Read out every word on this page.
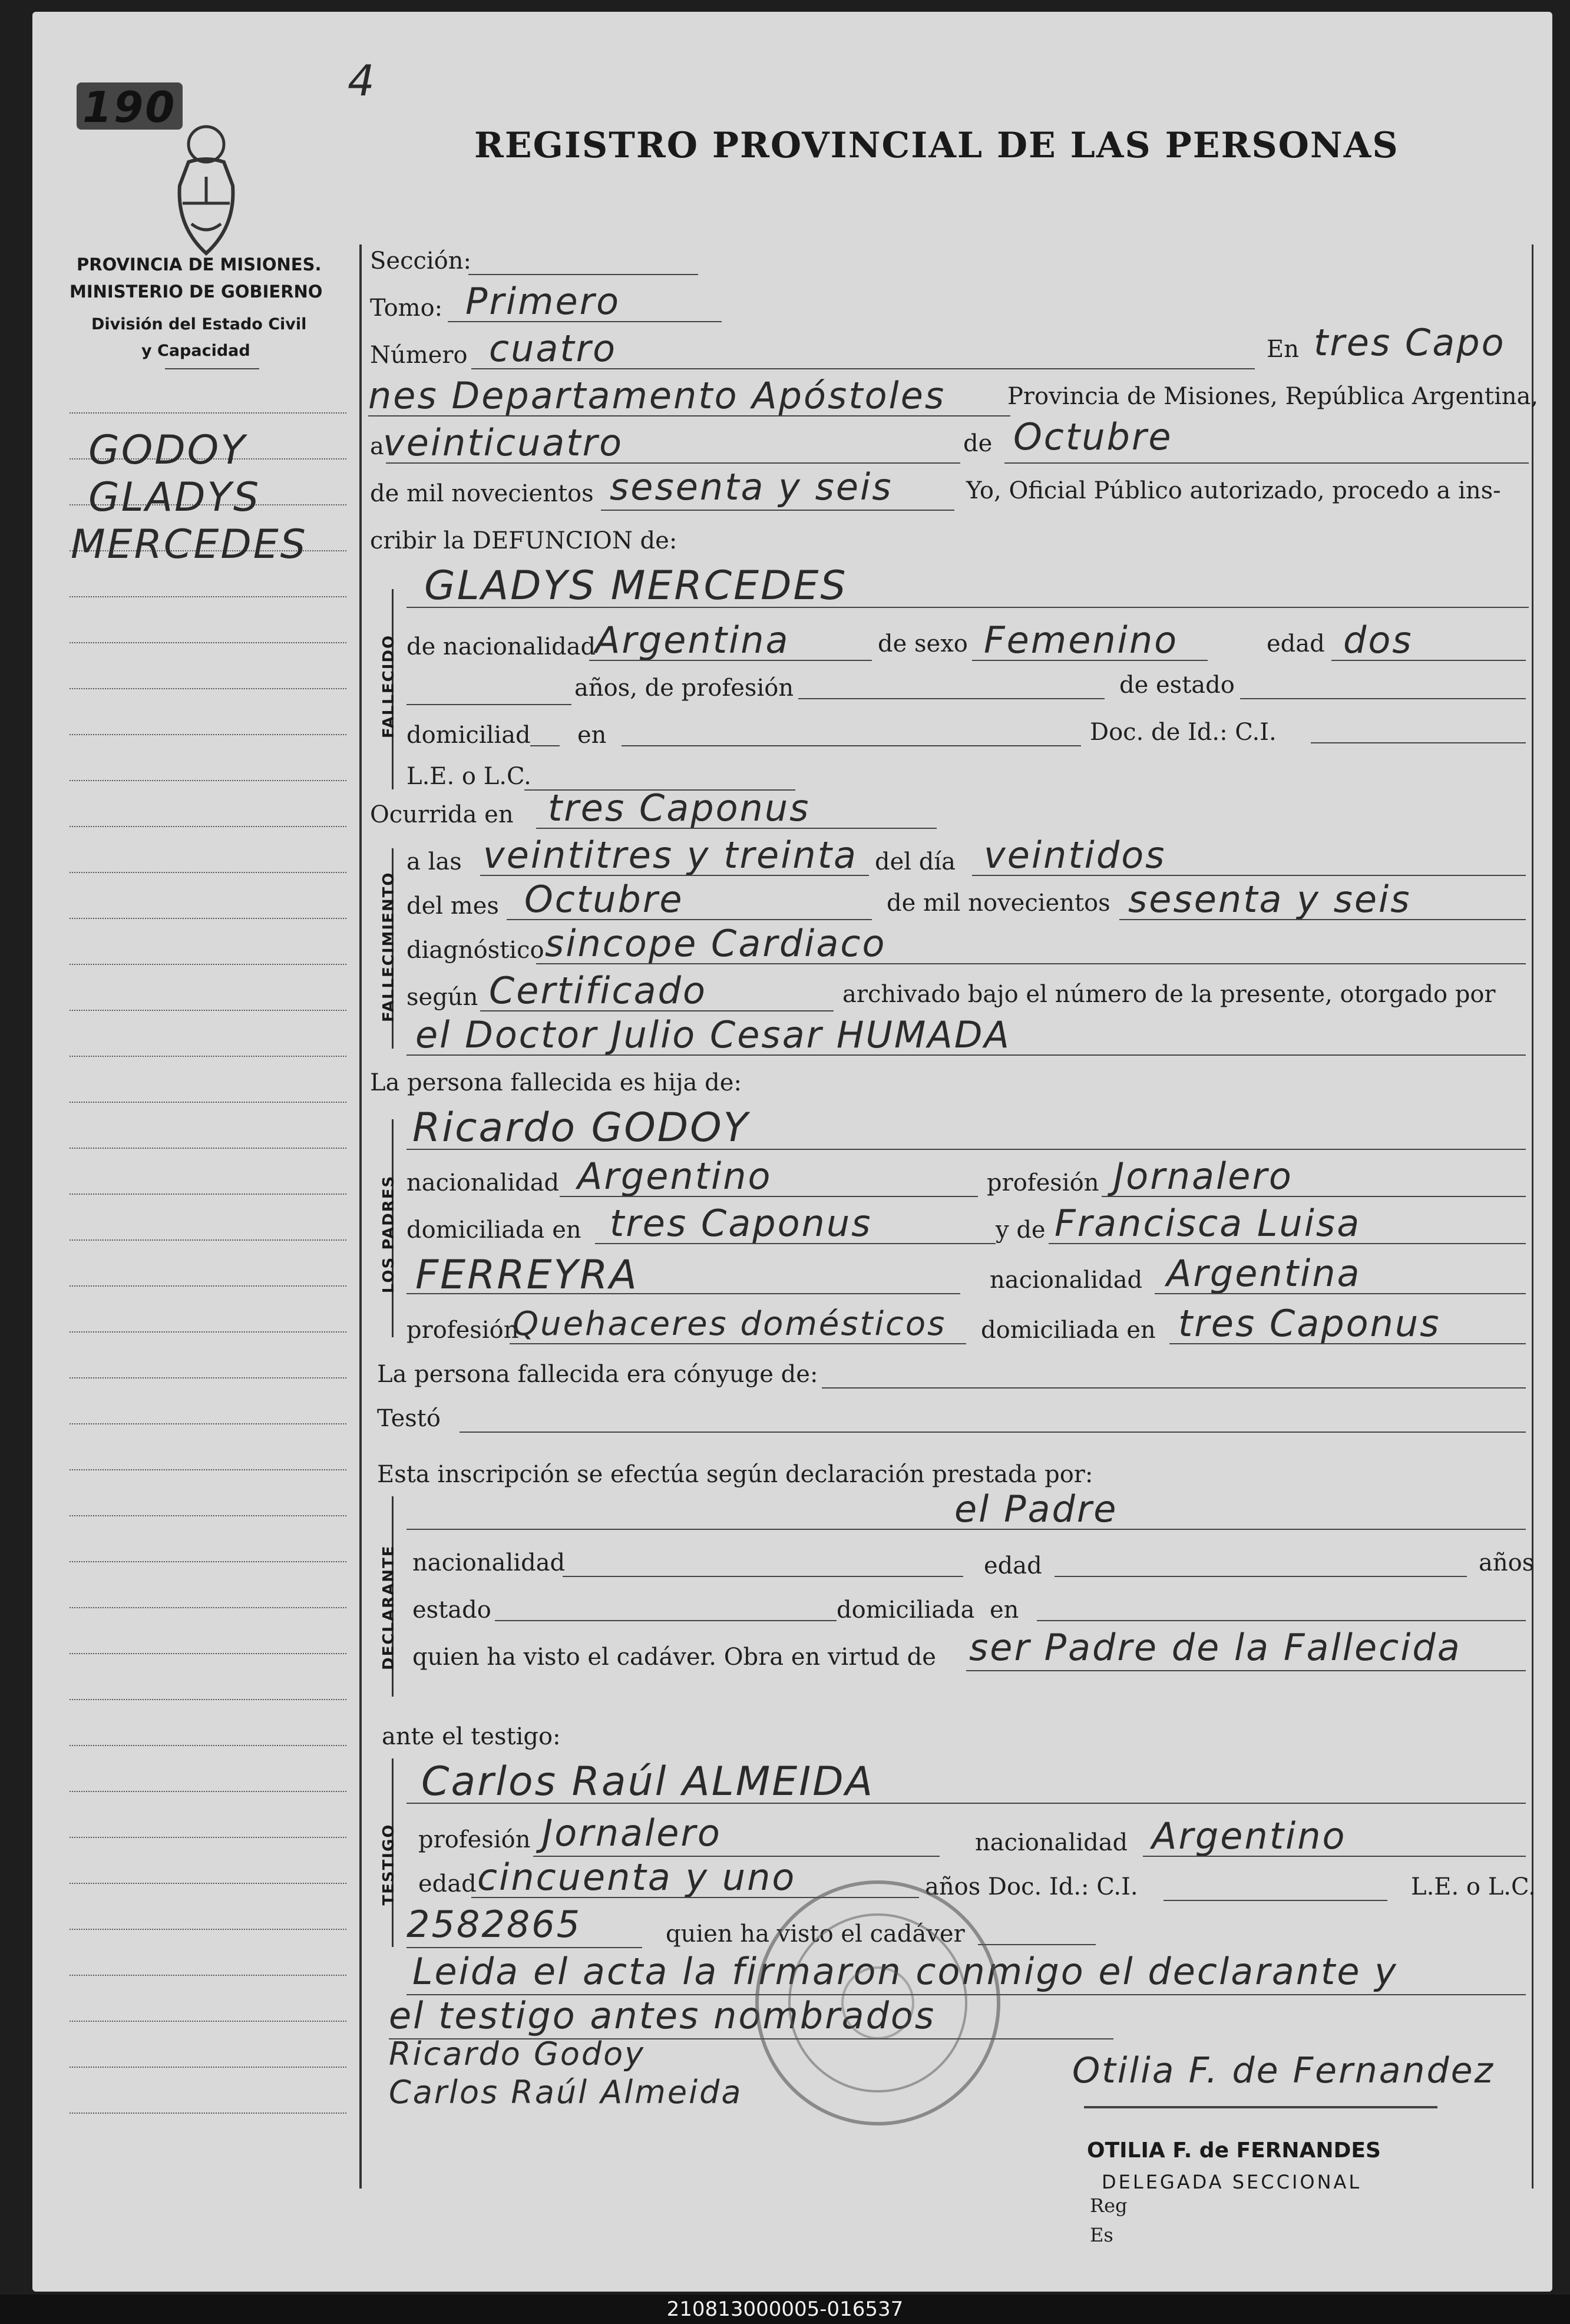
190
4
REGISTRO PROVINCIAL DE LAS PERSONAS
PROVINCIA DE MISIONES.
MINISTERIO DE GOBIERNO
División del Estado Civil
y Capacidad
GODOY
GLADYS
MERCEDES
FALLECIDO
FALLECIMIENTO
LOS PADRES
DECLARANTE
TESTIGO
Sección:
Tomo: Primero
Número cuatro	En tres Capo
nes Departamento Apóstoles	Provincia de Misiones, República Argentina,
a
veinticuatro	de Octubre
de mil novecientos sesenta y seis	Yo, Oficial Público autorizado, procedo a ins-
cribir la DEFUNCION de:
GLADYS MERCEDES
de nacionalidad
Argentina	de sexo Femenino	edad dos
años, de profesión	de estado
domiciliad en	Doc. de Id.: C.I.
L.E. o L.C.
Ocurrida en tres Caponus
a las veintitres y treinta del día veintidos
del mes Octubre	de mil novecientos sesenta y seis
diagnóstico sincope Cardiaco
según Certificado	archivado bajo el número de la presente, otorgado por
el Doctor Julio Cesar HUMADA
La persona fallecida es hija de:
Ricardo GODOY
nacionalidad Argentino	profesión Jornalero
domiciliada en tres Caponus	y de Francisca Luisa
FERREYRA	nacionalidad Argentina
profesión
Quehaceres domésticos domiciliada en tres Caponus
La persona fallecida era cónyuge de:
Testó
Esta inscripción se efectúa según declaración prestada por:
el Padre
nacionalidad	edad	años
estado	domiciliada en
quien ha visto el cadáver. Obra en virtud de ser Padre de la Fallecida
ante el testigo:
Carlos Raúl ALMEIDA
profesión Jornalero	nacionalidad Argentino
edad cincuenta y uno	años Doc. Id.: C.I.	L.E. o L.C.
2582865	quien ha visto el cadáver
Leida el acta la firmaron conmigo el declarante y
el testigo antes nombrados
Ricardo Godoy
Carlos Raúl Almeida
Otilia F. de Fernandez
OTILIA F. de FERNANDES
DELEGADA SECCIONAL
Reg
Es
210813000005-016537
